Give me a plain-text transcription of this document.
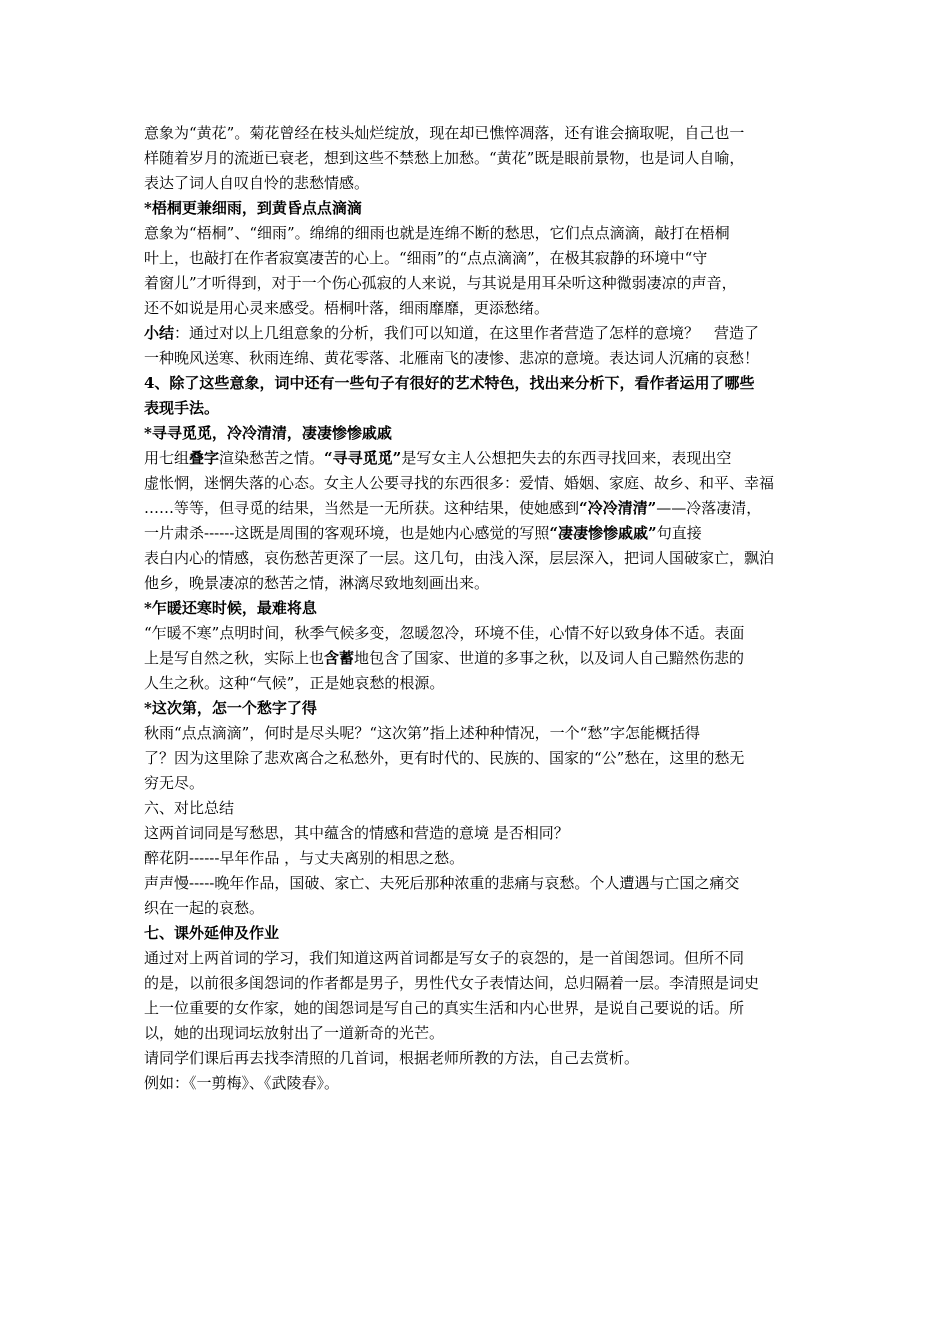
意象为“黄花”。菊花曾经在枝头灿烂绽放，现在却已憔悴凋落，还有谁会摘取呢，自己也一
样随着岁月的流逝已衰老，想到这些不禁愁上加愁。“黄花”既是眼前景物，也是词人自喻，
表达了词人自叹自怜的悲愁情感。
*梧桐更兼细雨，到黄昏点点滴滴
意象为“梧桐”、“细雨”。绵绵的细雨也就是连绵不断的愁思，它们点点滴滴，敲打在梧桐
叶上，也敲打在作者寂寞凄苦的心上。“细雨”的“点点滴滴”，在极其寂静的环境中“守
着窗儿”才听得到，对于一个伤心孤寂的人来说，与其说是用耳朵听这种微弱凄凉的声音，
还不如说是用心灵来感受。梧桐叶落，细雨靡靡，更添愁绪。
小结：通过对以上几组意象的分析，我们可以知道，在这里作者营造了怎样的意境？　营造了
一种晚风送寒、秋雨连绵、黄花零落、北雁南飞的凄惨、悲凉的意境。表达词人沉痛的哀愁！
4、除了这些意象，词中还有一些句子有很好的艺术特色，找出来分析下，看作者运用了哪些
表现手法。
*寻寻觅觅，冷冷清清，凄凄惨惨戚戚
用七组叠字渲染愁苦之情。“寻寻觅觅”是写女主人公想把失去的东西寻找回来，表现出空
虚怅惘，迷惘失落的心态。女主人公要寻找的东西很多：爱情、婚姻、家庭、故乡、和平、幸福
……等等，但寻觅的结果，当然是一无所获。这种结果，使她感到“冷冷清清”——冷落凄清，
一片肃杀------这既是周围的客观环境，也是她内心感觉的写照“凄凄惨惨戚戚”句直接
表白内心的情感，哀伤愁苦更深了一层。这几句，由浅入深，层层深入，把词人国破家亡，飘泊
他乡，晚景凄凉的愁苦之情，淋漓尽致地刻画出来。
*乍暖还寒时候，最难将息
“乍暖不寒”点明时间，秋季气候多变，忽暖忽冷，环境不佳，心情不好以致身体不适。表面
上是写自然之秋，实际上也含蓄地包含了国家、世道的多事之秋，以及词人自己黯然伤悲的
人生之秋。这种“气候”，正是她哀愁的根源。
*这次第，怎一个愁字了得
秋雨“点点滴滴”，何时是尽头呢？“这次第”指上述种种情况，一个“愁”字怎能概括得
了？因为这里除了悲欢离合之私愁外，更有时代的、民族的、国家的“公”愁在，这里的愁无
穷无尽。
六、对比总结
这两首词同是写愁思，其中蕴含的情感和营造的意境 是否相同？
醉花阴------早年作品 ，与丈夫离别的相思之愁。
声声慢-----晚年作品，国破、家亡、夫死后那种浓重的悲痛与哀愁。个人遭遇与亡国之痛交
织在一起的哀愁。
七、课外延伸及作业
通过对上两首词的学习，我们知道这两首词都是写女子的哀怨的，是一首闺怨词。但所不同
的是，以前很多闺怨词的作者都是男子，男性代女子表情达间，总归隔着一层。李清照是词史
上一位重要的女作家，她的闺怨词是写自己的真实生活和内心世界，是说自己要说的话。所
以，她的出现词坛放射出了一道新奇的光芒。
请同学们课后再去找李清照的几首词，根据老师所教的方法，自己去赏析。
例如：《一剪梅》、《武陵春》。
